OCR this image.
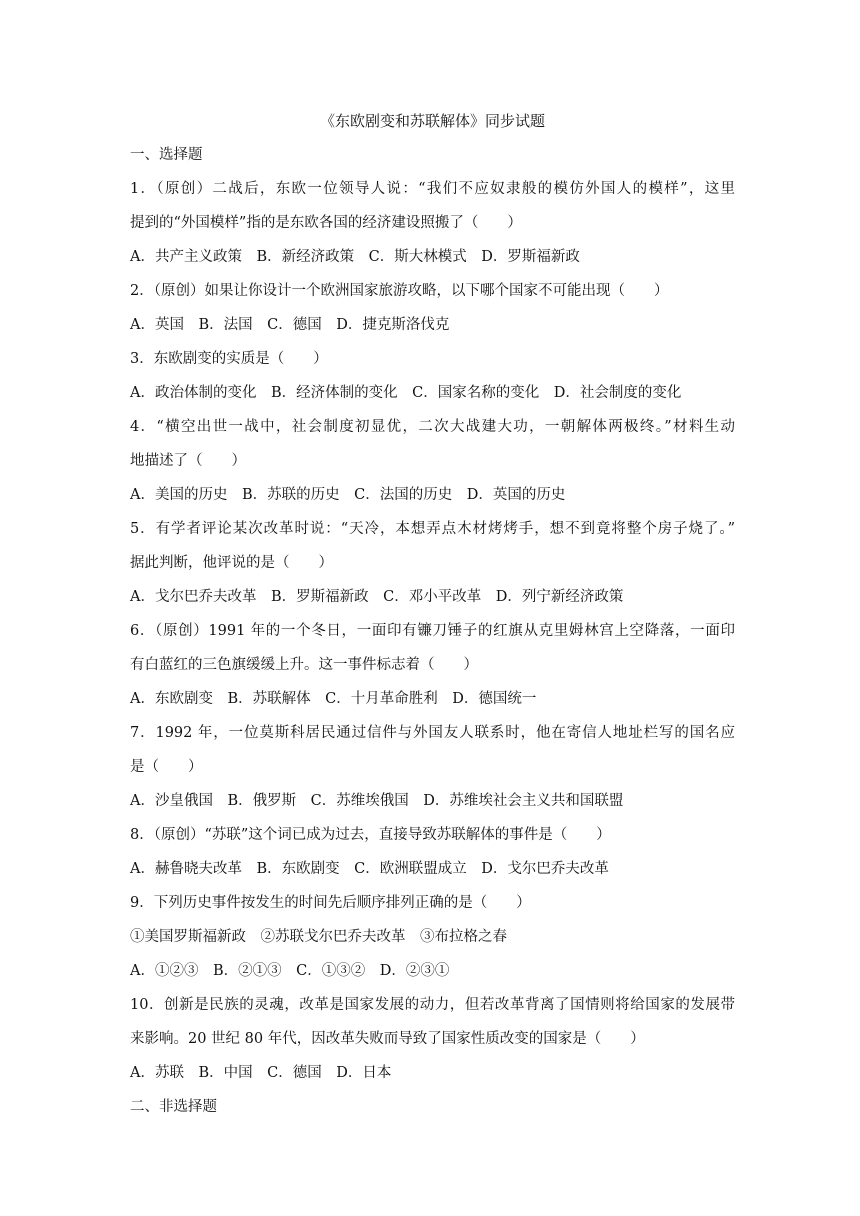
《东欧剧变和苏联解体》同步试题

一、选择题

1．（原创）二战后，东欧一位领导人说：“我们不应奴隶般的模仿外国人的模样”，这里

提到的“外国模样”指的是东欧各国的经济建设照搬了（　　）

A．共产主义政策　B．新经济政策　C．斯大林模式　D．罗斯福新政

2．（原创）如果让你设计一个欧洲国家旅游攻略，以下哪个国家不可能出现（　　）

A．英国　B．法国　C．德国　D．捷克斯洛伐克

3．东欧剧变的实质是（　　）

A．政治体制的变化　B．经济体制的变化　C．国家名称的变化　D．社会制度的变化

4．“横空出世一战中，社会制度初显优，二次大战建大功，一朝解体两极终。”材料生动

地描述了（　　）

A．美国的历史　B．苏联的历史　C．法国的历史　D．英国的历史

5．有学者评论某次改革时说：“天冷，本想弄点木材烤烤手，想不到竟将整个房子烧了。”

据此判断，他评说的是（　　）

A．戈尔巴乔夫改革　B．罗斯福新政　C．邓小平改革　D．列宁新经济政策

6．（原创）1991 年的一个冬日，一面印有镰刀锤子的红旗从克里姆林宫上空降落，一面印

有白蓝红的三色旗缓缓上升。这一事件标志着（　　）

A．东欧剧变　B．苏联解体　C．十月革命胜利　D．德国统一

7．1992 年，一位莫斯科居民通过信件与外国友人联系时，他在寄信人地址栏写的国名应

是（　　）

A．沙皇俄国　B．俄罗斯　C．苏维埃俄国　D．苏维埃社会主义共和国联盟

8．（原创）“苏联”这个词已成为过去，直接导致苏联解体的事件是（　　）

A．赫鲁晓夫改革　B．东欧剧变　C．欧洲联盟成立　D．戈尔巴乔夫改革

9．下列历史事件按发生的时间先后顺序排列正确的是（　　）

①美国罗斯福新政　②苏联戈尔巴乔夫改革　③布拉格之春

A．①②③　B．②①③　C．①③②　D．②③①

10．创新是民族的灵魂，改革是国家发展的动力，但若改革背离了国情则将给国家的发展带

来影响。20 世纪 80 年代，因改革失败而导致了国家性质改变的国家是（　　）

A．苏联　B．中国　C．德国　D．日本

二、非选择题
